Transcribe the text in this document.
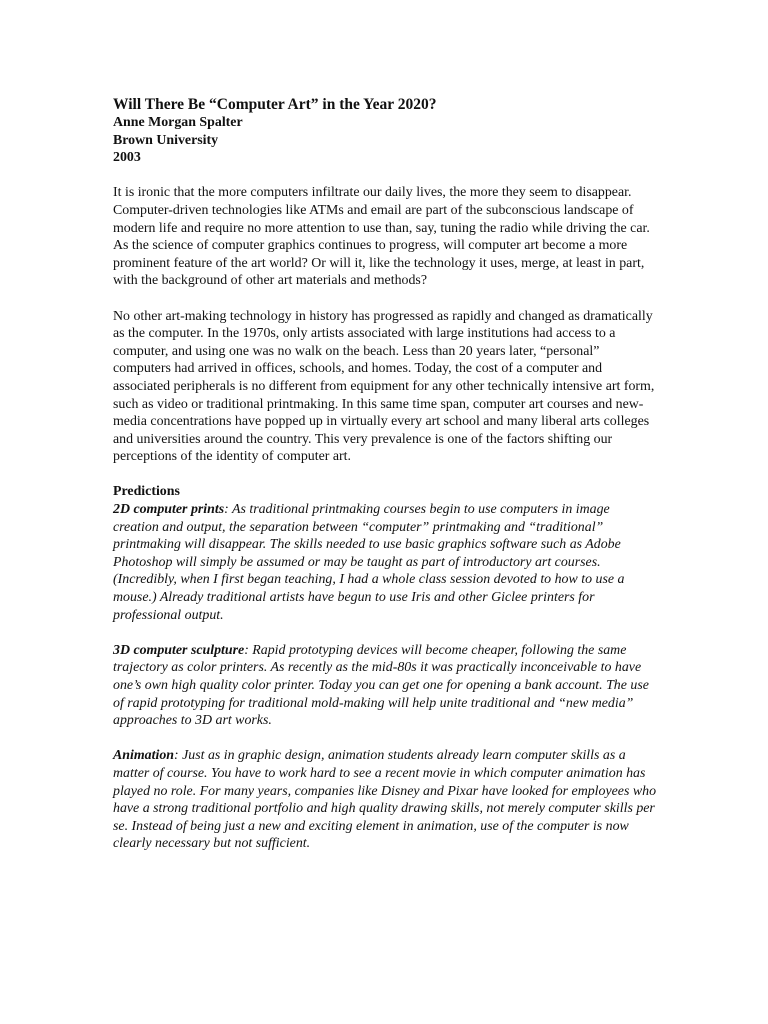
Will There Be “Computer Art” in the Year 2020?
Anne Morgan Spalter
Brown University
2003

It is ironic that the more computers infiltrate our daily lives, the more they seem to disappear. Computer-driven technologies like ATMs and email are part of the subconscious landscape of modern life and require no more attention to use than, say, tuning the radio while driving the car. As the science of computer graphics continues to progress, will computer art become a more prominent feature of the art world? Or will it, like the technology it uses, merge, at least in part, with the background of other art materials and methods?

No other art-making technology in history has progressed as rapidly and changed as dramatically as the computer. In the 1970s, only artists associated with large institutions had access to a computer, and using one was no walk on the beach. Less than 20 years later, “personal” computers had arrived in offices, schools, and homes. Today, the cost of a computer and associated peripherals is no different from equipment for any other technically intensive art form, such as video or traditional printmaking. In this same time span, computer art courses and new-media concentrations have popped up in virtually every art school and many liberal arts colleges and universities around the country. This very prevalence is one of the factors shifting our perceptions of the identity of computer art.

Predictions

2D computer prints: As traditional printmaking courses begin to use computers in image creation and output, the separation between “computer” printmaking and “traditional” printmaking will disappear. The skills needed to use basic graphics software such as Adobe Photoshop will simply be assumed or may be taught as part of introductory art courses. (Incredibly, when I first began teaching, I had a whole class session devoted to how to use a mouse.) Already traditional artists have begun to use Iris and other Giclee printers for professional output.

3D computer sculpture: Rapid prototyping devices will become cheaper, following the same trajectory as color printers. As recently as the mid-80s it was practically inconceivable to have one’s own high quality color printer. Today you can get one for opening a bank account. The use of rapid prototyping for traditional mold-making will help unite traditional and “new media” approaches to 3D art works.

Animation: Just as in graphic design, animation students already learn computer skills as a matter of course. You have to work hard to see a recent movie in which computer animation has played no role. For many years, companies like Disney and Pixar have looked for employees who have a strong traditional portfolio and high quality drawing skills, not merely computer skills per se. Instead of being just a new and exciting element in animation, use of the computer is now clearly necessary but not sufficient.
